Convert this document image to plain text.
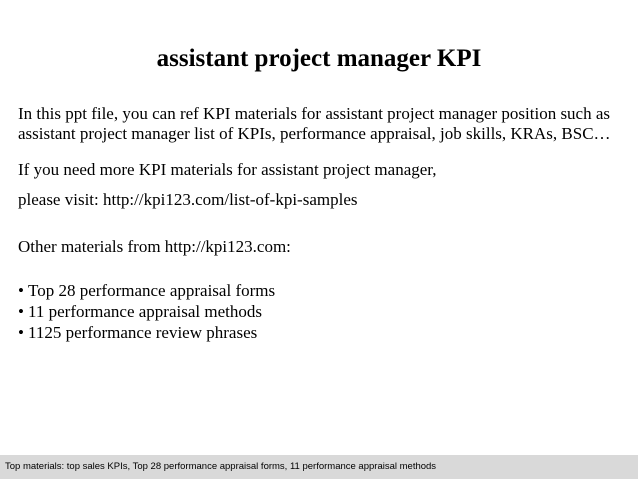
assistant project manager KPI

In this ppt file, you can ref KPI materials for assistant project manager position such as assistant project manager list of KPIs, performance appraisal, job skills, KRAs, BSC…

If you need more KPI materials for assistant project manager,

please visit: http://kpi123.com/list-of-kpi-samples

Other materials from http://kpi123.com:

• Top 28 performance appraisal forms
• 11 performance appraisal methods
• 1125 performance review phrases
Top materials: top sales KPIs, Top 28 performance appraisal forms, 11 performance appraisal methods
